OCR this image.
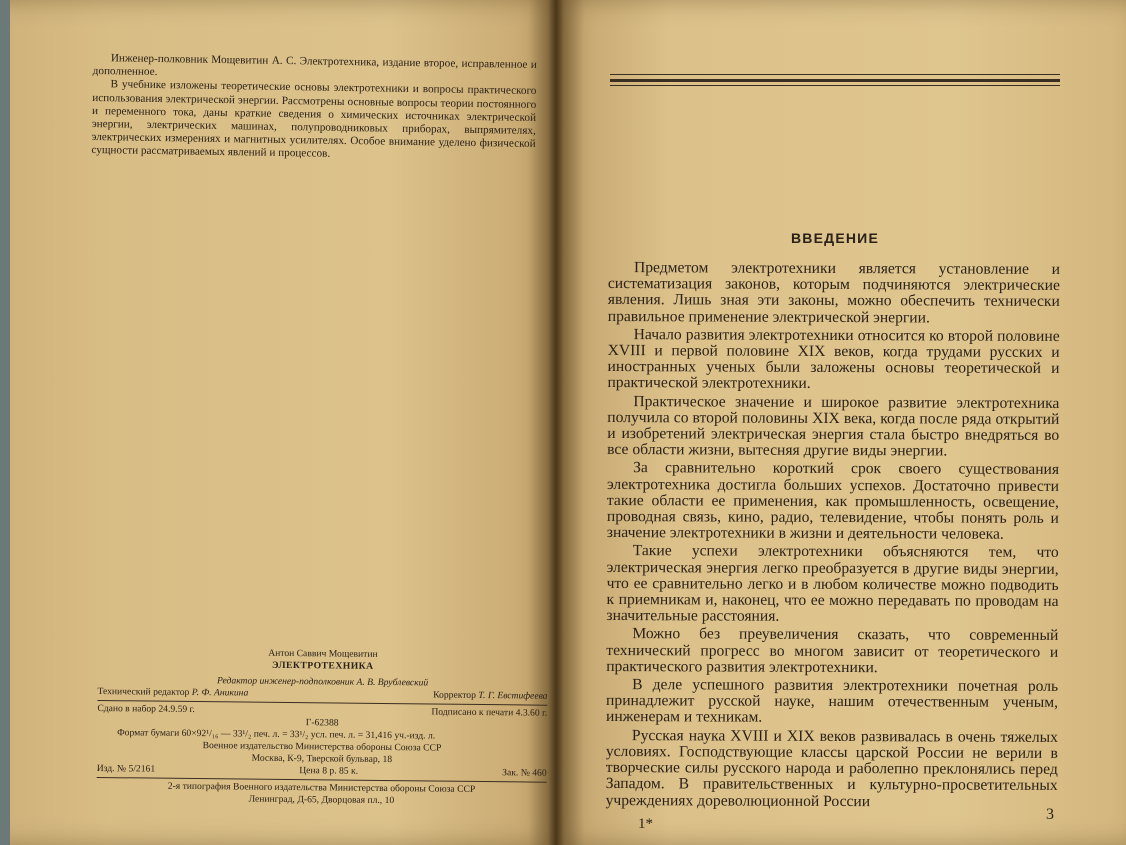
Инженер-полковник Мощевитин А. С. Электротехника, издание второе, исправленное и дополненное.

В учебнике изложены теоретические основы электротехники и вопросы практического использования электрической энергии. Рассмотрены основные вопросы теории постоянного и переменного тока, даны краткие сведения о химических источниках электрической энергии, электрических машинах, полупроводниковых приборах, выпрямителях, электрических измерениях и магнитных усилителях. Особое внимание уделено физической сущности рассматриваемых явлений и процессов.

Антон Саввич Мощевитин
ЭЛЕКТРОТЕХНИКА
Редактор инженер-подполковник А. В. Врублевский
Технический редактор Р. Ф. Аникина	Корректор Т. Г. Евстифеева
Сдано в набор 24.9.59 г.	Подписано к печати 4.3.60 г.
Г-62388
Формат бумаги 60×92¹/₁₆ — 33¹/₂ печ. л. = 33¹/₂ усл. печ. л. = 31,416 уч.-изд. л.
Военное издательство Министерства обороны Союза ССР
Москва, К-9, Тверской бульвар, 18
Изд. № 5/2161	Цена 8 р. 85 к.	Зак. № 460
2-я типография Военного издательства Министерства обороны Союза ССР
Ленинград, Д-65, Дворцовая пл., 10
ВВЕДЕНИЕ

Предметом электротехники является установление и систематизация законов, которым подчиняются электрические явления. Лишь зная эти законы, можно обеспечить технически правильное применение электрической энергии.

Начало развития электротехники относится ко второй половине XVIII и первой половине XIX веков, когда трудами русских и иностранных ученых были заложены основы теоретической и практической электротехники.

Практическое значение и широкое развитие электротехника получила со второй половины XIX века, когда после ряда открытий и изобретений электрическая энергия стала быстро внедряться во все области жизни, вытесняя другие виды энергии.

За сравнительно короткий срок своего существования электротехника достигла больших успехов. Достаточно привести такие области ее применения, как промышленность, освещение, проводная связь, кино, радио, телевидение, чтобы понять роль и значение электротехники в жизни и деятельности человека.

Такие успехи электротехники объясняются тем, что электрическая энергия легко преобразуется в другие виды энергии, что ее сравнительно легко и в любом количестве можно подводить к приемникам и, наконец, что ее можно передавать по проводам на значительные расстояния.

Можно без преувеличения сказать, что современный технический прогресс во многом зависит от теоретического и практического развития электротехники.

В деле успешного развития электротехники почетная роль принадлежит русской науке, нашим отечественным ученым, инженерам и техникам.

Русская наука XVIII и XIX веков развивалась в очень тяжелых условиях. Господствующие классы царской России не верили в творческие силы русского народа и раболепно преклонялись перед Западом. В правительственных и культурно-просветительных учреждениях дореволюционной России

1*
3
